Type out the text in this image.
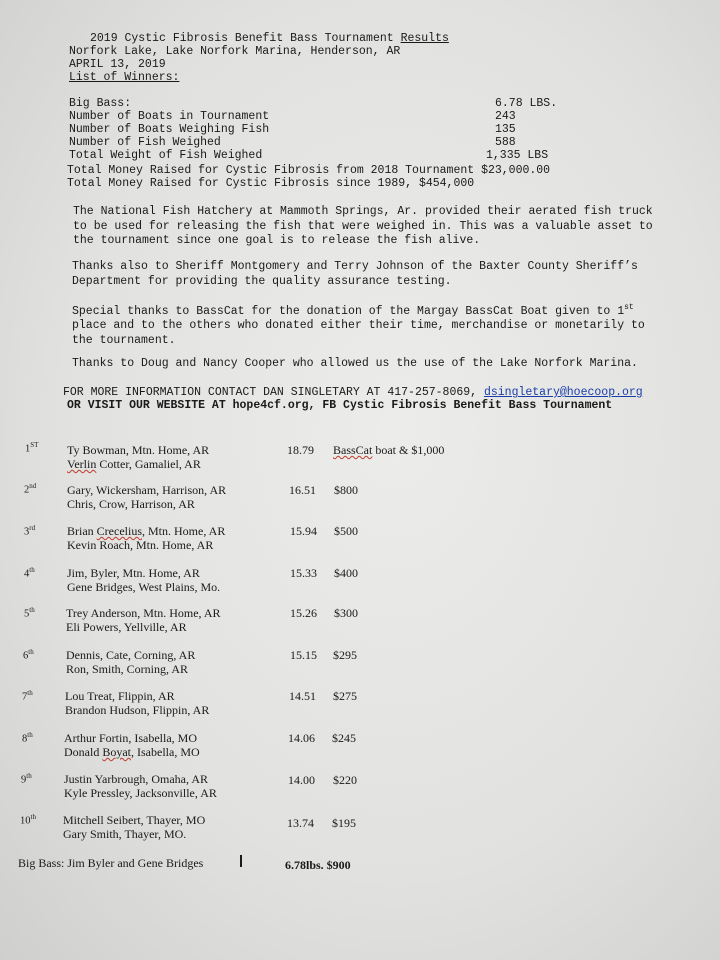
2019 Cystic Fibrosis Benefit Bass Tournament Results
Norfork Lake, Lake Norfork Marina, Henderson, AR
APRIL 13, 2019
List of Winners:
Big Bass:	6.78 LBS.
Number of Boats in Tournament	243
Number of Boats Weighing Fish	135
Number of Fish Weighed	588
Total Weight of Fish Weighed	1,335 LBS
Total Money Raised for Cystic Fibrosis from 2018 Tournament $23,000.00
Total Money Raised for Cystic Fibrosis since 1989, $454,000
The National Fish Hatchery at Mammoth Springs, Ar. provided their aerated fish truck to be used for releasing the fish that were weighed in. This was a valuable asset to the tournament since one goal is to release the fish alive.
Thanks also to Sheriff Montgomery and Terry Johnson of the Baxter County Sheriff’s Department for providing the quality assurance testing.
Special thanks to BassCat for the donation of the Margay BassCat Boat given to 1st place and to the others who donated either their time, merchandise or monetarily to the tournament.
Thanks to Doug and Nancy Cooper who allowed us the use of the Lake Norfork Marina.
FOR MORE INFORMATION CONTACT DAN SINGLETARY AT 417-257-8069, dsingletary@hoecoop.org
OR VISIT OUR WEBSITE AT hope4cf.org, FB Cystic Fibrosis Benefit Bass Tournament
1ST Ty Bowman, Mtn. Home, AR
Verlin Cotter, Gamaliel, AR
18.79 BassCat boat & $1,000
2nd	Gary, Wickersham, Harrison, AR
Chris, Crow, Harrison, AR
16.51 $800
3rd	Brian Crecelius, Mtn. Home, AR
Kevin Roach, Mtn. Home, AR
15.94 $500
4th	Jim, Byler, Mtn. Home, AR
Gene Bridges, West Plains, Mo.
15.33 $400
5th	Trey Anderson, Mtn. Home, AR
Eli Powers, Yellville, AR
15.26 $300
6th	Dennis, Cate, Corning, AR
Ron, Smith, Corning, AR
15.15 $295
7th	Lou Treat, Flippin, AR
Brandon Hudson, Flippin, AR
14.51 $275
8th	Arthur Fortin, Isabella, MO
Donald Boyat, Isabella, MO
14.06 $245
9th	Justin Yarbrough, Omaha, AR
Kyle Pressley, Jacksonville, AR
14.00 $220
10th Mitchell Seibert, Thayer, MO
Gary Smith, Thayer, MO.
13.74 $195
Big Bass: Jim Byler and Gene Bridges	6.78lbs. $900
